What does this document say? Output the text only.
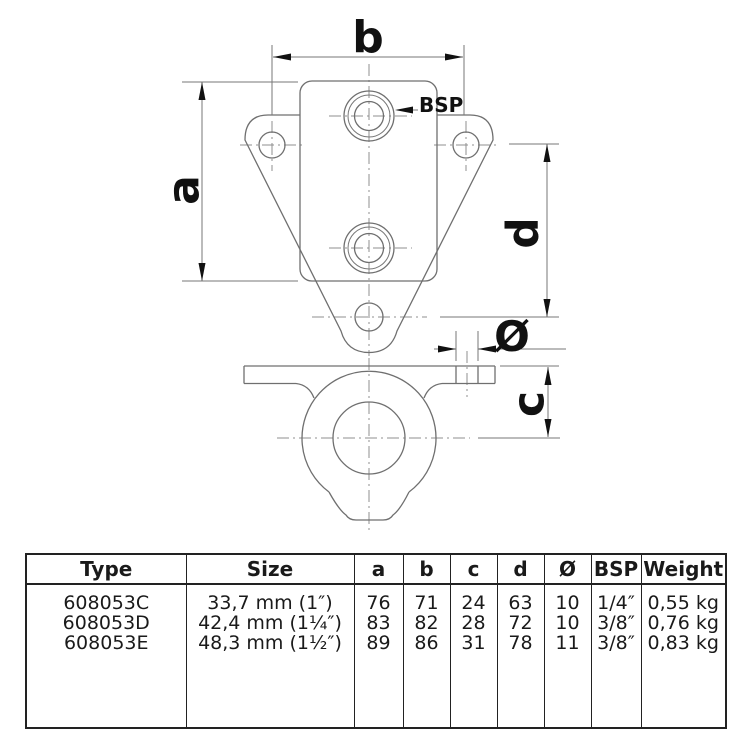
b
a
d
c
Ø
BSP
Type	Size	a	b	c	d	Ø	BSP	Weight
608053C	33,7 mm (1″)	76	71	24	63	10	1/4″	0,55 kg
608053D	42,4 mm (1¼″)	83	82	28	72	10	3/8″	0,76 kg
608053E	48,3 mm (1½″)	89	86	31	78	11	3/8″	0,83 kg
